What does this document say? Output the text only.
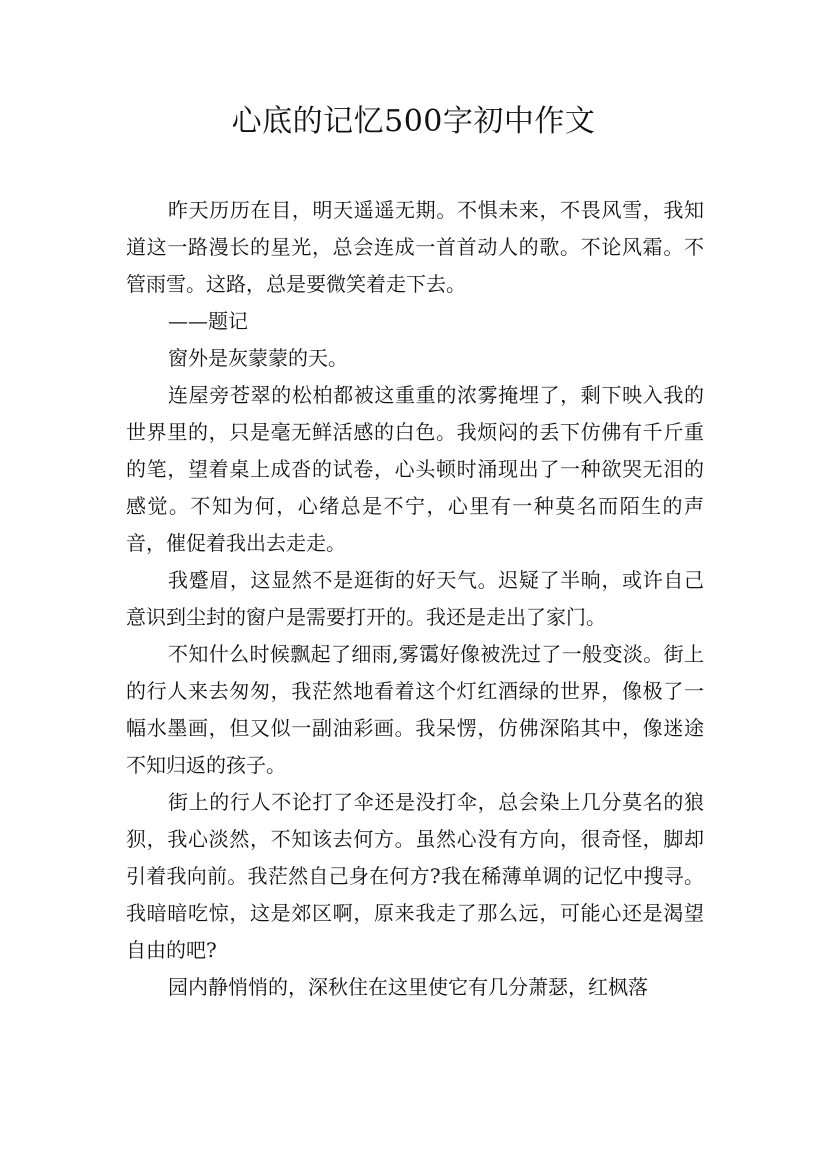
心底的记忆500字初中作文

昨天历历在目，明天遥遥无期。不惧未来，不畏风雪，我知道这一路漫长的星光，总会连成一首首动人的歌。不论风霜。不管雨雪。这路，总是要微笑着走下去。

——题记

窗外是灰蒙蒙的天。

连屋旁苍翠的松柏都被这重重的浓雾掩埋了，剩下映入我的世界里的，只是毫无鲜活感的白色。我烦闷的丢下仿佛有千斤重的笔，望着桌上成沓的试卷，心头顿时涌现出了一种欲哭无泪的感觉。不知为何，心绪总是不宁，心里有一种莫名而陌生的声音，催促着我出去走走。

我蹙眉，这显然不是逛街的好天气。迟疑了半晌，或许自己意识到尘封的窗户是需要打开的。我还是走出了家门。

不知什么时候飘起了细雨,雾霭好像被洗过了一般变淡。街上的行人来去匆匆，我茫然地看着这个灯红酒绿的世界，像极了一幅水墨画，但又似一副油彩画。我呆愣，仿佛深陷其中，像迷途不知归返的孩子。

街上的行人不论打了伞还是没打伞，总会染上几分莫名的狼狈，我心淡然，不知该去何方。虽然心没有方向，很奇怪，脚却引着我向前。我茫然自己身在何方?我在稀薄单调的记忆中搜寻。我暗暗吃惊，这是郊区啊，原来我走了那么远，可能心还是渴望自由的吧?

园内静悄悄的，深秋住在这里使它有几分萧瑟，红枫落
